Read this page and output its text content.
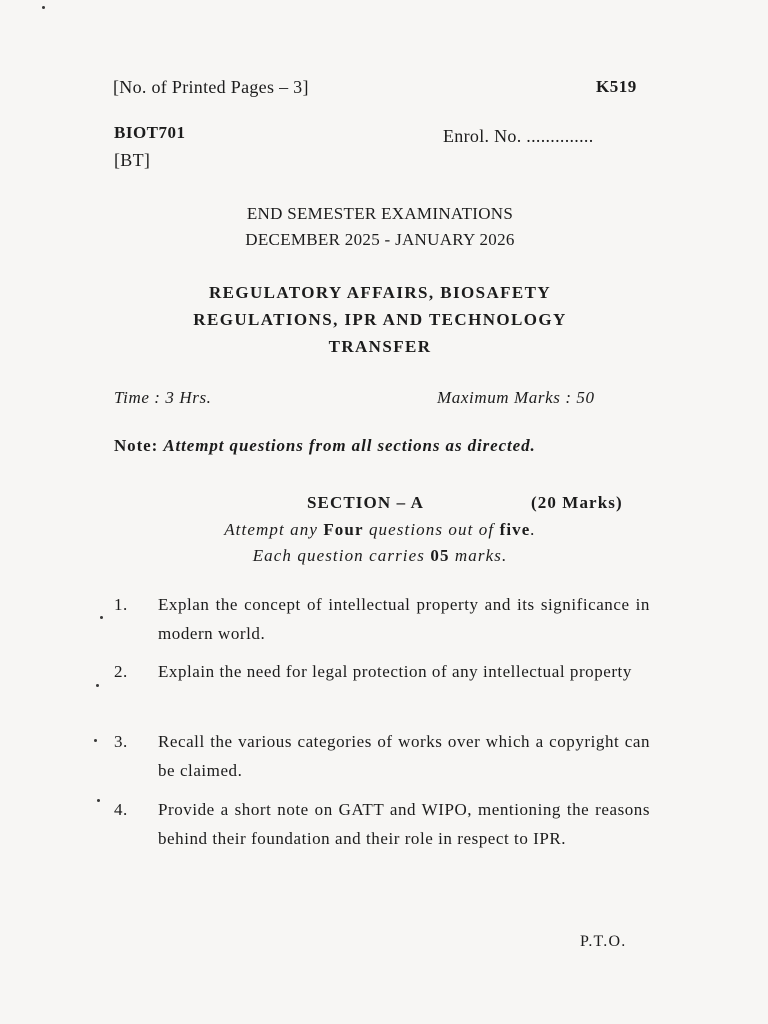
[No. of Printed Pages – 3]	K519
BIOT701	Enrol. No. ..............
[BT]
END SEMESTER EXAMINATIONS
DECEMBER 2025 - JANUARY 2026
REGULATORY AFFAIRS, BIOSAFETY
REGULATIONS, IPR AND TECHNOLOGY
TRANSFER
Time : 3 Hrs.	Maximum Marks : 50
Note: Attempt questions from all sections as directed.
SECTION – A	(20 Marks)
Attempt any Four questions out of five.
Each question carries 05 marks.
1. Explan the concept of intellectual property and its significance in modern world.
2. Explain the need for legal protection of any intellectual property
3. Recall the various categories of works over which a copyright can be claimed.
4. Provide a short note on GATT and WIPO, mentioning the reasons behind their foundation and their role in respect to IPR.
P.T.O.
